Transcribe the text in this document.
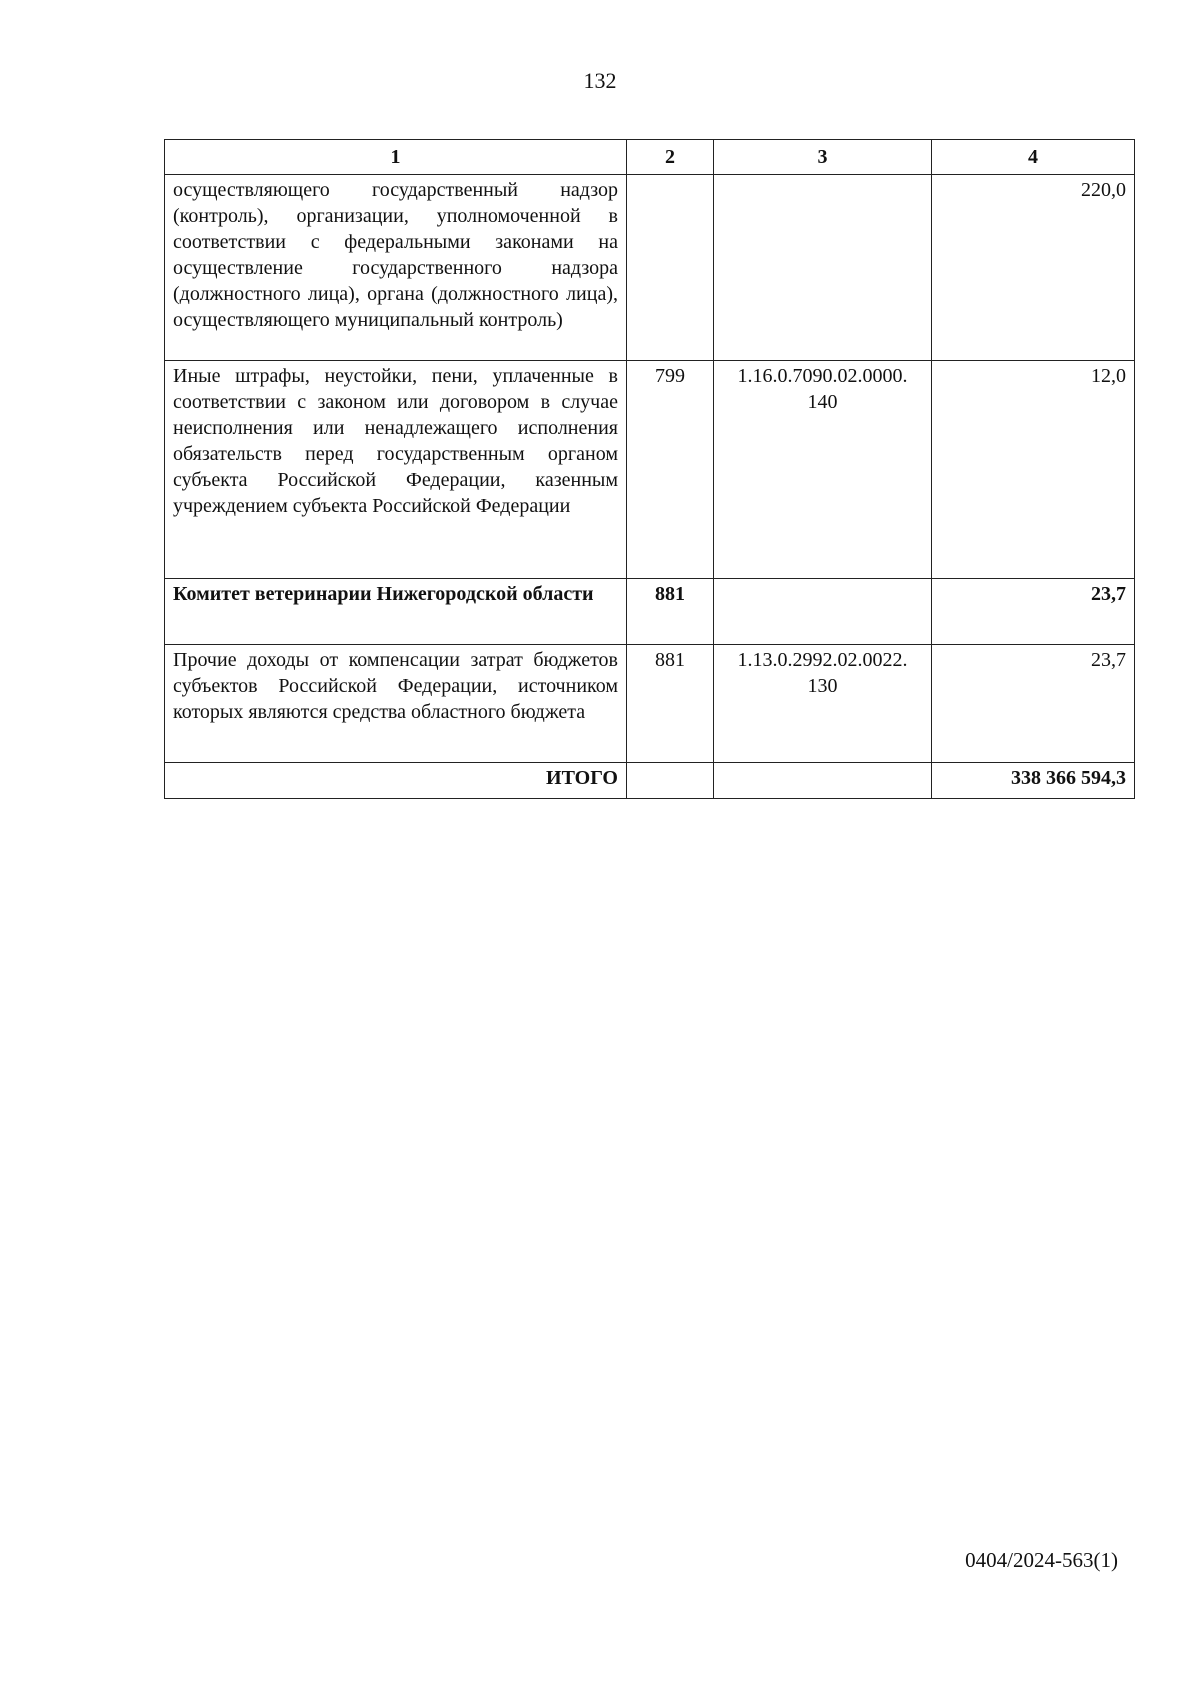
132
1	2	3	4
осуществляющего государственный надзор (контроль), организации, уполномоченной в соответствии с федеральными законами на осуществление государственного надзора (должностного лица), органа (должностного лица), осуществляющего муниципальный контроль)			220,0
Иные штрафы, неустойки, пени, уплаченные в соответствии с законом или договором в случае неисполнения или ненадлежащего исполнения обязательств перед государственным органом субъекта Российской Федерации, казенным учреждением субъекта Российской Федерации	799	1.16.0.7090.02.0000. 140	12,0
Комитет ветеринарии Нижегородской области	881		23,7
Прочие доходы от компенсации затрат бюджетов субъектов Российской Федерации, источником которых являются средства областного бюджета	881	1.13.0.2992.02.0022. 130	23,7
ИТОГО			338 366 594,3
0404/2024-563(1)
